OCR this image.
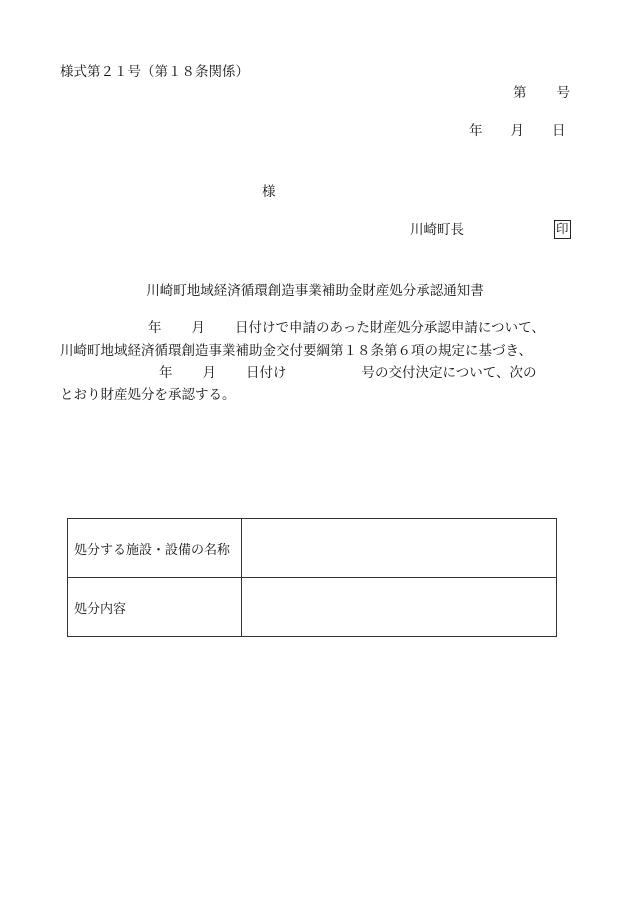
様式第２１号（第１８条関係）
第 号
年 月 日
様
川崎町長	印
川崎町地域経済循環創造事業補助金財産処分承認通知書
年 月 日付けで申請のあった財産処分承認申請について、
川崎町地域経済循環創造事業補助金交付要綱第１８条第６項の規定に基づき、
年 月 日付け	号の交付決定について、次の
とおり財産処分を承認する。
処分する施設・設備の名称	
処分内容	
